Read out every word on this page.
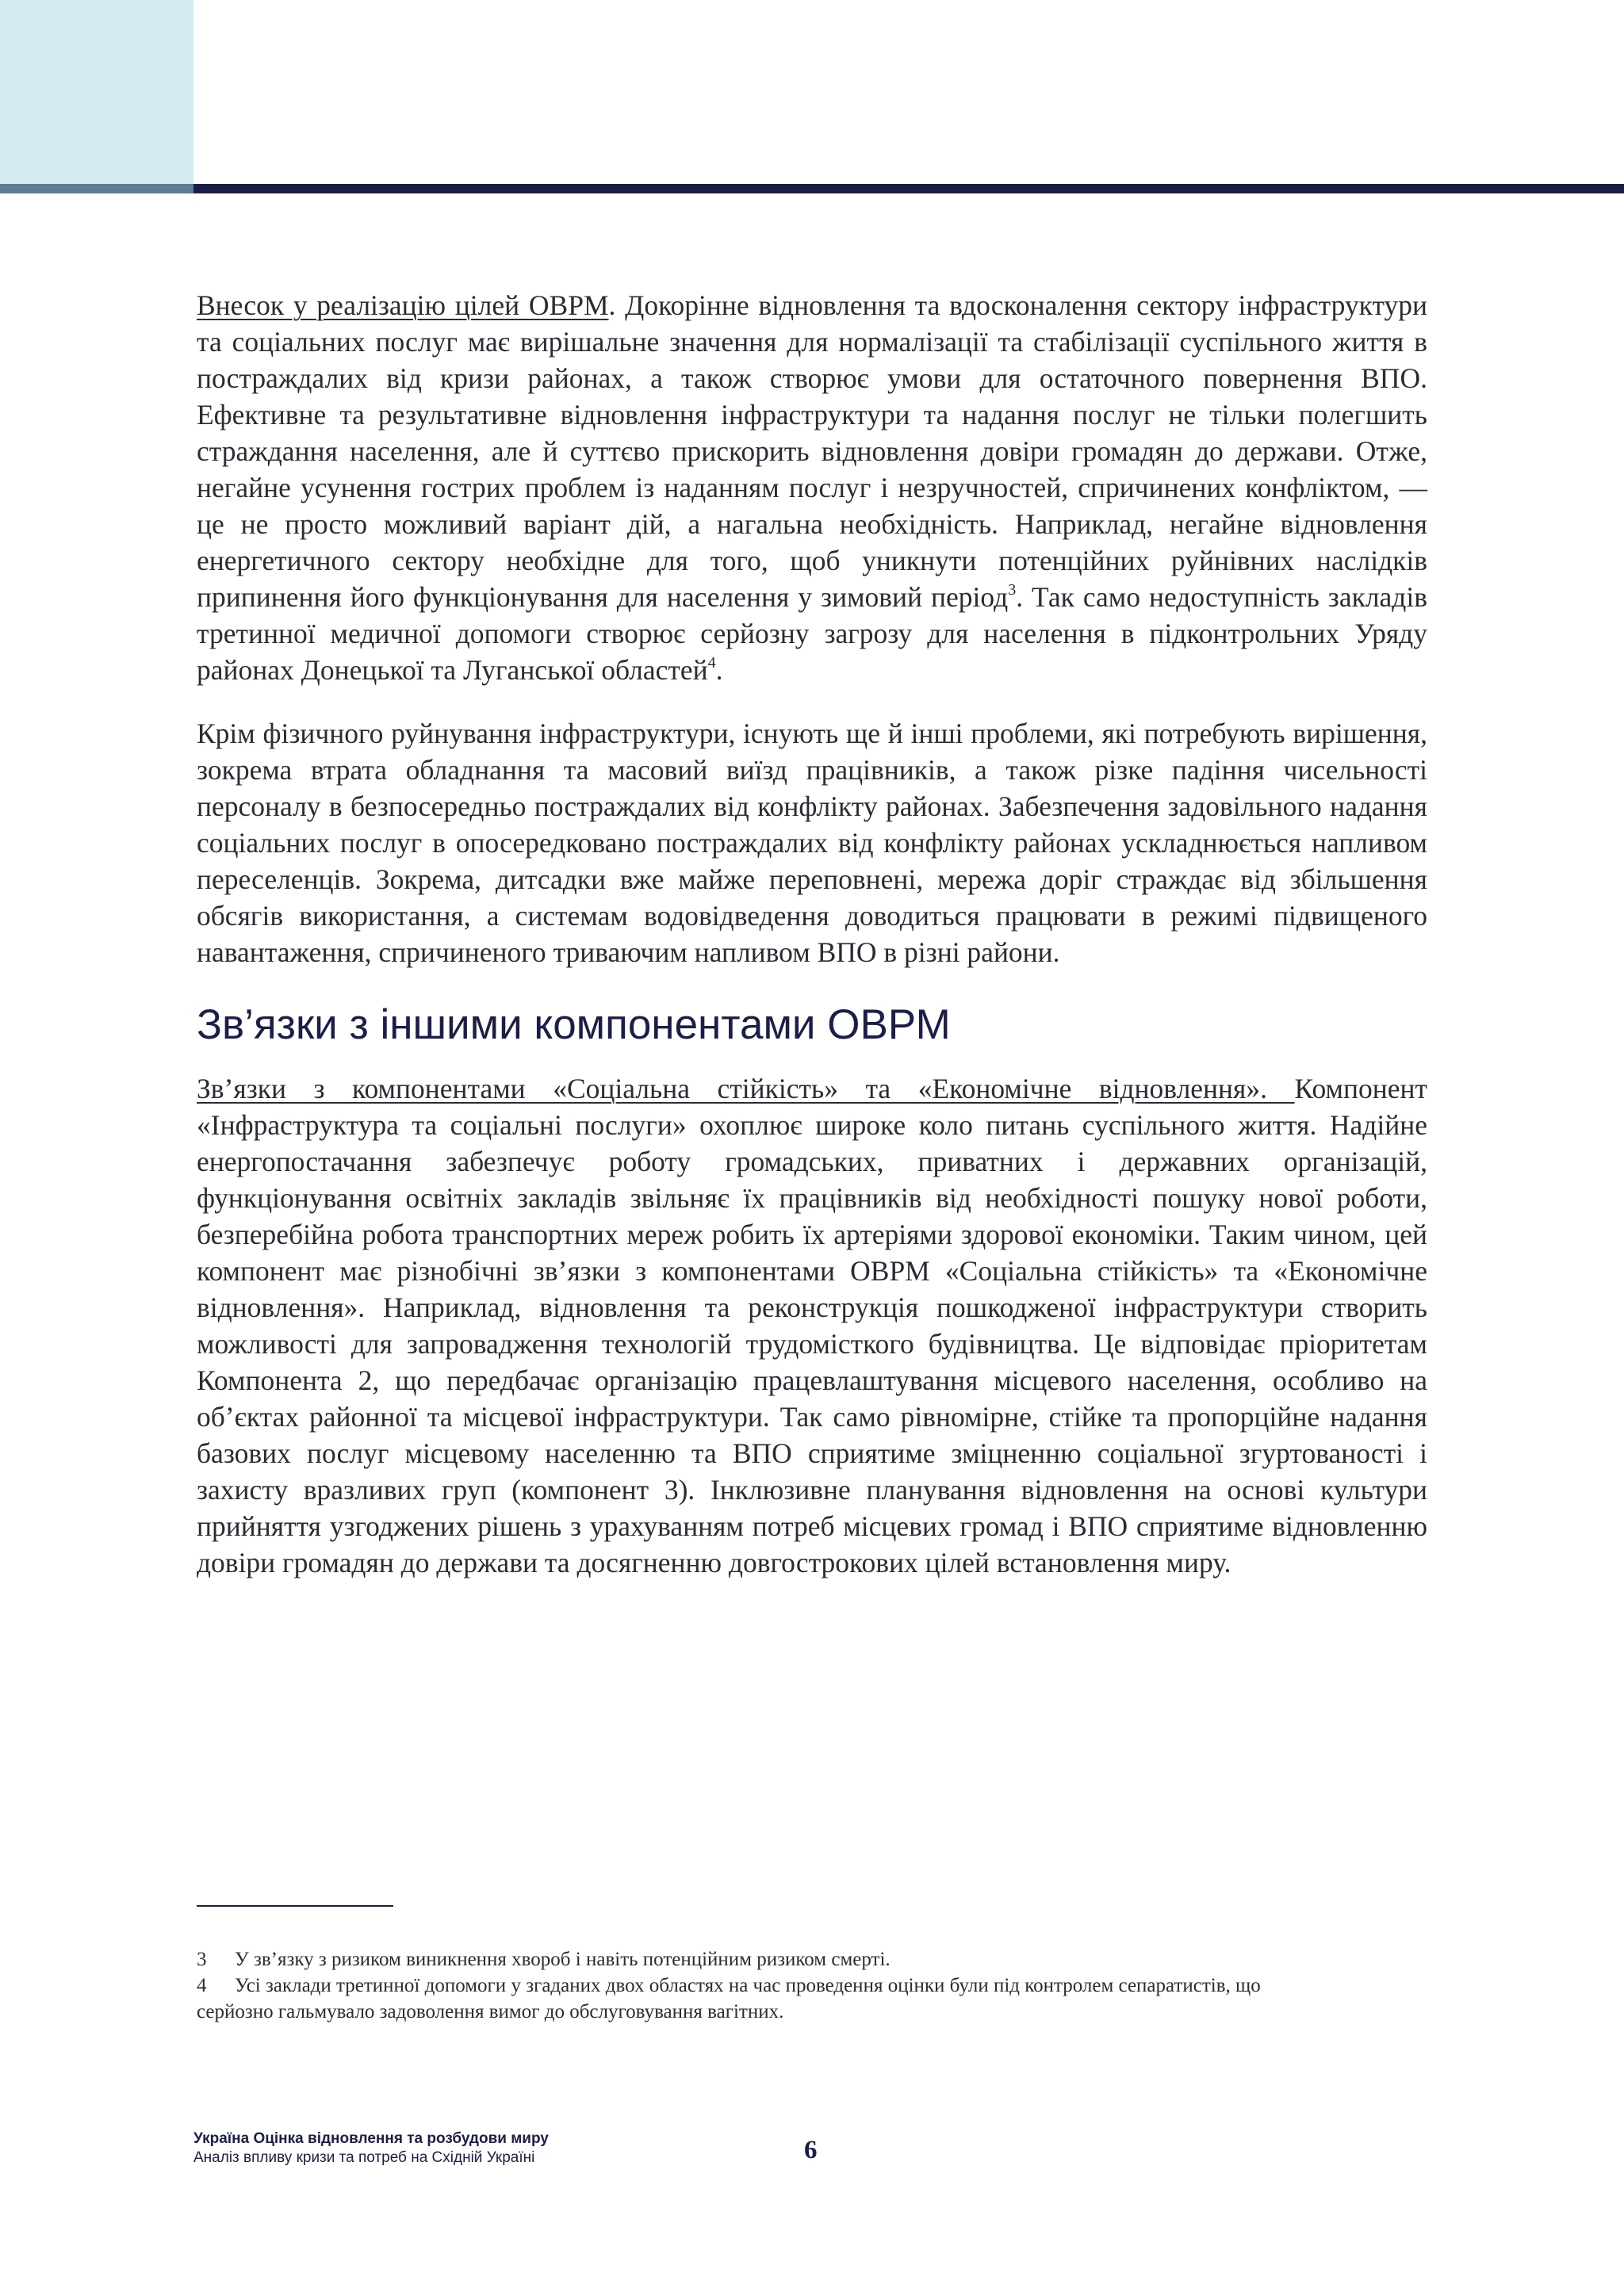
Внесок у реалізацію цілей ОВРМ. Докорінне відновлення та вдосконалення сектору інфраструктури та соціальних послуг має вирішальне значення для нормалізації та стабілізації суспільного життя в постраждалих від кризи районах, а також створює умови для остаточного повернення ВПО. Ефективне та результативне відновлення інфраструктури та надання послуг не тільки полегшить страждання населення, але й суттєво прискорить відновлення довіри громадян до держави. Отже, негайне усунення гострих проблем із наданням послуг і незручностей, спричинених конфліктом, — це не просто можливий варіант дій, а нагальна необхідність. Наприклад, негайне відновлення енергетичного сектору необхідне для того, щоб уникнути потенційних руйнівних наслідків припинення його функціонування для населення у зимовий період$^3$. Так само недоступність закладів третинної медичної допомоги створює серйозну загрозу для населення в підконтрольних Уряду районах Донецької та Луганської областей$^4$.

Крім фізичного руйнування інфраструктури, існують ще й інші проблеми, які потребують вирішення, зокрема втрата обладнання та масовий виїзд працівників, а також різке падіння чисельності персоналу в безпосередньо постраждалих від конфлікту районах. Забезпечення задовільного надання соціальних послуг в опосередковано постраждалих від конфлікту районах ускладнюється напливом переселенців. Зокрема, дитсадки вже майже переповнені, мережа доріг страждає від збільшення обсягів використання, а системам водовідведення доводиться працювати в режимі підвищеного навантаження, спричиненого триваючим напливом ВПО в різні райони.

Зв’язки з іншими компонентами ОВРМ

Зв’язки з компонентами «Соціальна стійкість» та «Економічне відновлення». Компонент «Інфраструктура та соціальні послуги» охоплює широке коло питань суспільного життя. Надійне енергопостачання забезпечує роботу громадських, приватних і державних організацій, функціонування освітніх закладів звільняє їх працівників від необхідності пошуку нової роботи, безперебійна робота транспортних мереж робить їх артеріями здорової економіки. Таким чином, цей компонент має різнобічні зв’язки з компонентами ОВРМ «Соціальна стійкість» та «Економічне відновлення». Наприклад, відновлення та реконструкція пошкодженої інфраструктури створить можливості для запровадження технологій трудомісткого будівництва. Це відповідає пріоритетам Компонента 2, що передбачає організацію працевлаштування місцевого населення, особливо на об’єктах районної та місцевої інфраструктури. Так само рівномірне, стійке та пропорційне надання базових послуг місцевому населенню та ВПО сприятиме зміцненню соціальної згуртованості і захисту вразливих груп (компонент 3). Інклюзивне планування відновлення на основі культури прийняття узгоджених рішень з урахуванням потреб місцевих громад і ВПО сприятиме відновленню довіри громадян до держави та досягненню довгострокових цілей встановлення миру.

3	У зв’язку з ризиком виникнення хвороб і навіть потенційним ризиком смерті.
4	Усі заклади третинної допомоги у згаданих двох областях на час проведення оцінки були під контролем сепаратистів, що
серйозно гальмувало задоволення вимог до обслуговування вагітних.
Україна Оцінка відновлення та розбудови миру
Аналіз впливу кризи та потреб на Східній Україні	6
